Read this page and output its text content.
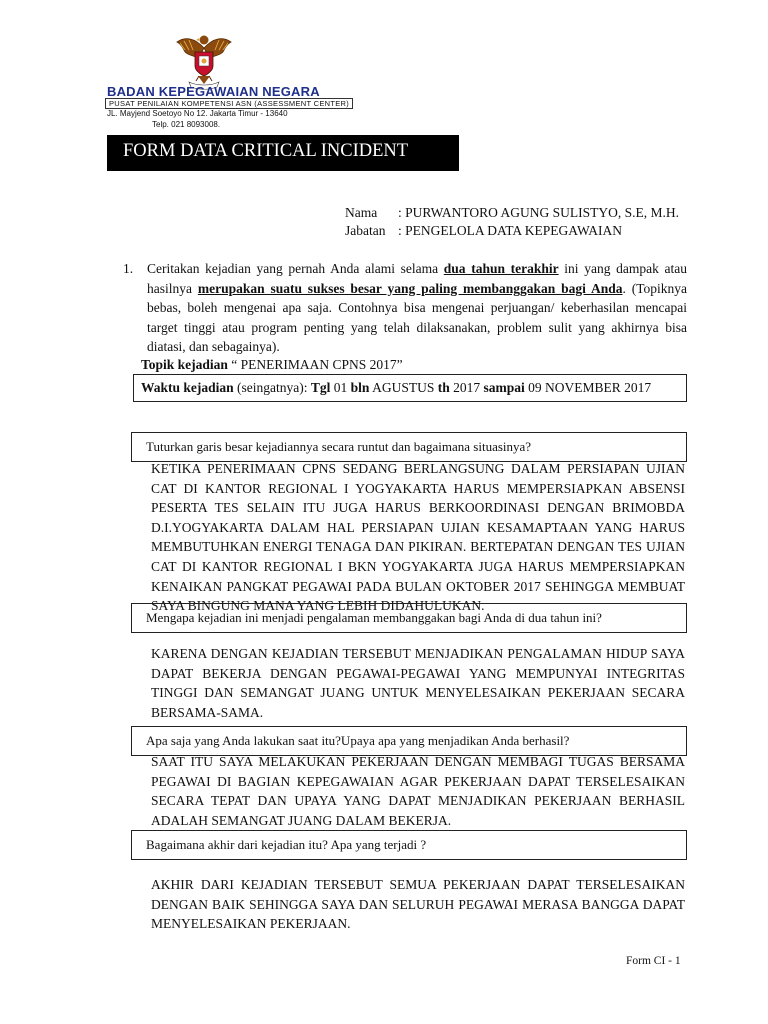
BADAN KEPEGAWAIAN NEGARA
PUSAT PENILAIAN KOMPETENSI ASN (ASSESSMENT CENTER)
JL. Mayjend Soetoyo No 12. Jakarta Timur - 13640
Telp. 021 8093008.
FORM DATA CRITICAL INCIDENT
Nama : PURWANTORO AGUNG SULISTYO, S.E, M.H.
Jabatan : PENGELOLA DATA KEPEGAWAIAN
1. Ceritakan kejadian yang pernah Anda alami selama dua tahun terakhir ini yang dampak atau hasilnya merupakan suatu sukses besar yang paling membanggakan bagi Anda. (Topiknya bebas, boleh mengenai apa saja. Contohnya bisa mengenai perjuangan/ keberhasilan mencapai target tinggi atau program penting yang telah dilaksanakan, problem sulit yang akhirnya bisa diatasi, dan sebagainya).
Topik kejadian “ PENERIMAAN CPNS 2017”
Waktu kejadian (seingatnya): Tgl 01 bln AGUSTUS th 2017 sampai 09 NOVEMBER 2017
Tuturkan garis besar kejadiannya secara runtut dan bagaimana situasinya?
KETIKA PENERIMAAN CPNS SEDANG BERLANGSUNG DALAM PERSIAPAN UJIAN CAT DI KANTOR REGIONAL I YOGYAKARTA HARUS MEMPERSIAPKAN ABSENSI PESERTA TES SELAIN ITU JUGA HARUS BERKOORDINASI DENGAN BRIMOBDA D.I.YOGYAKARTA DALAM HAL PERSIAPAN UJIAN KESAMAPTAAN YANG HARUS MEMBUTUHKAN ENERGI TENAGA DAN PIKIRAN. BERTEPATAN DENGAN TES UJIAN CAT DI KANTOR REGIONAL I BKN YOGYAKARTA JUGA HARUS MEMPERSIAPKAN KENAIKAN PANGKAT PEGAWAI PADA BULAN OKTOBER 2017 SEHINGGA MEMBUAT SAYA BINGUNG MANA YANG LEBIH DIDAHULUKAN.
Mengapa kejadian ini menjadi pengalaman membanggakan bagi Anda di dua tahun ini?
KARENA DENGAN KEJADIAN TERSEBUT MENJADIKAN PENGALAMAN HIDUP SAYA DAPAT BEKERJA DENGAN PEGAWAI-PEGAWAI YANG MEMPUNYAI INTEGRITAS TINGGI DAN SEMANGAT JUANG UNTUK MENYELESAIKAN PEKERJAAN SECARA BERSAMA-SAMA.
Apa saja yang Anda lakukan saat itu?Upaya apa yang menjadikan Anda berhasil?
SAAT ITU SAYA MELAKUKAN PEKERJAAN DENGAN MEMBAGI TUGAS BERSAMA PEGAWAI DI BAGIAN KEPEGAWAIAN AGAR PEKERJAAN DAPAT TERSELESAIKAN SECARA TEPAT DAN UPAYA YANG DAPAT MENJADIKAN PEKERJAAN BERHASIL ADALAH SEMANGAT JUANG DALAM BEKERJA.
Bagaimana akhir dari kejadian itu? Apa yang terjadi ?
AKHIR DARI KEJADIAN TERSEBUT SEMUA PEKERJAAN DAPAT TERSELESAIKAN DENGAN BAIK SEHINGGA SAYA DAN SELURUH PEGAWAI MERASA BANGGA DAPAT MENYELESAIKAN PEKERJAAN.
Form CI - 1
